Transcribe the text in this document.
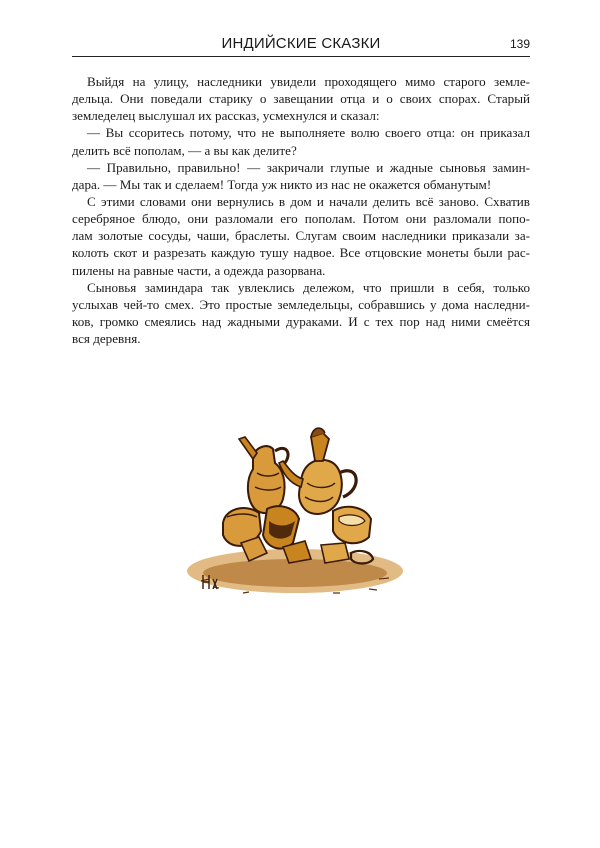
ИНДИЙСКИЕ СКАЗКИ	139
Выйдя на улицу, наследники увидели проходящего мимо старого земле-
дельца. Они поведали старику о завещании отца и о своих спорах. Старый
земледелец выслушал их рассказ, усмехнулся и сказал:
— Вы ссоритесь потому, что не выполняете волю своего отца: он приказал
делить всё пополам, — а вы как делите?
— Правильно, правильно! — закричали глупые и жадные сыновья замин-
дара. — Мы так и сделаем! Тогда уж никто из нас не окажется обманутым!
С этими словами они вернулись в дом и начали делить всё заново. Схватив
серебряное блюдо, они разломали его пополам. Потом они разломали попо-
лам золотые сосуды, чаши, браслеты. Слугам своим наследники приказали за-
колоть скот и разрезать каждую тушу надвое. Все отцовские монеты были рас-
пилены на равные части, а одежда разорвана.
Сыновья заминдара так увлеклись дележом, что пришли в себя, только
услыхав чей-то смех. Это простые земледельцы, собравшись у дома наследни-
ков, громко смеялись над жадными дураками. И с тех пор над ними смеётся
вся деревня.
